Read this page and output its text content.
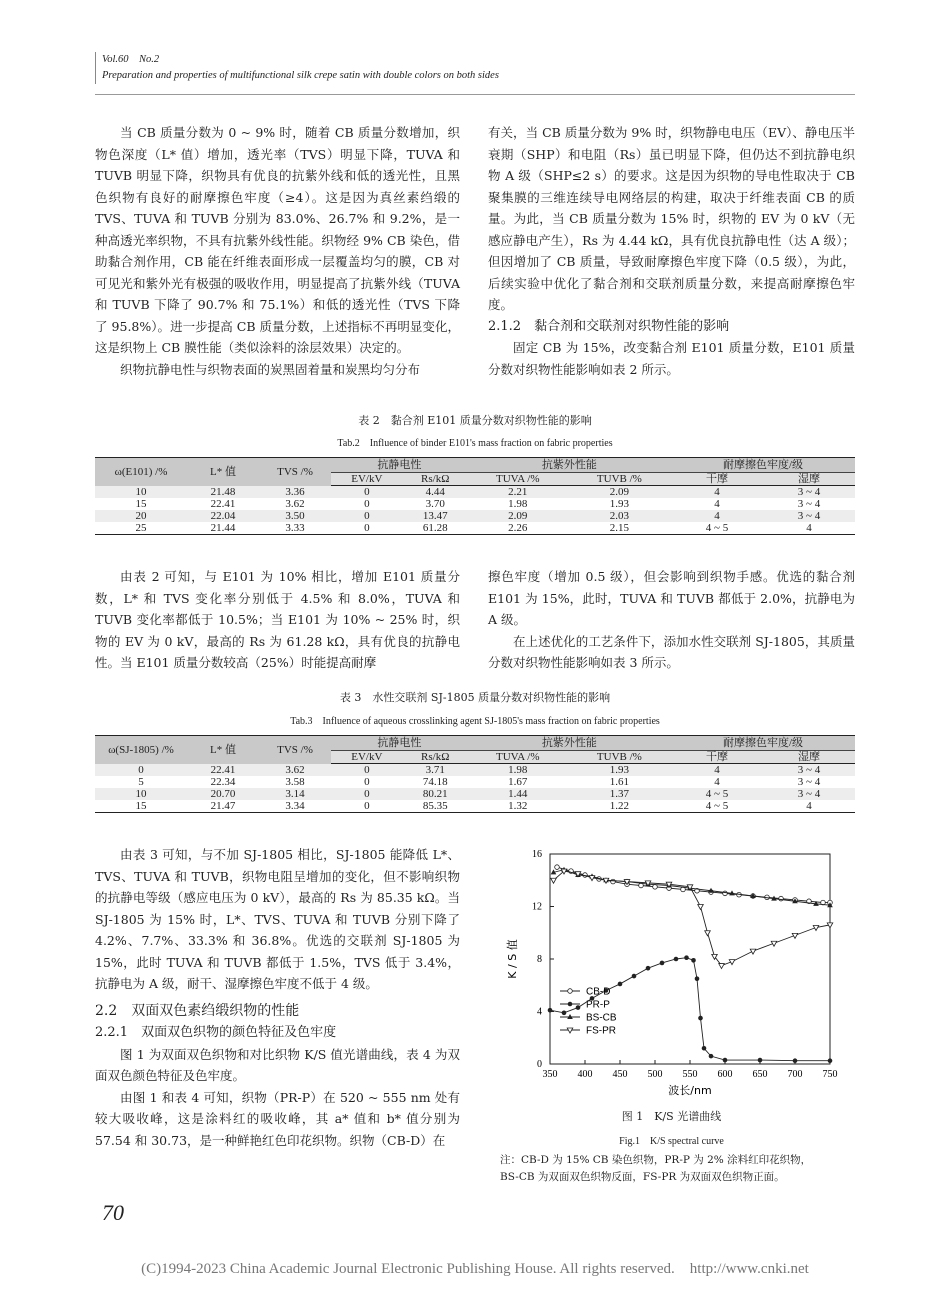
Vol.60　No.2
Preparation and properties of multifunctional silk crepe satin with double colors on both sides

当 CB 质量分数为 0 ~ 9% 时，随着 CB 质量分数增加，织物色深度（L* 值）增加，透光率（TVS）明显下降，TUVA 和 TUVB 明显下降，织物具有优良的抗紫外线和低的透光性，且黑色织物有良好的耐摩擦色牢度（≥4）。这是因为真丝素绉缎的 TVS、TUVA 和 TUVB 分别为 83.0%、26.7% 和 9.2%，是一种高透光率织物，不具有抗紫外线性能。织物经 9% CB 染色，借助黏合剂作用，CB 能在纤维表面形成一层覆盖均匀的膜，CB 对可见光和紫外光有极强的吸收作用，明显提高了抗紫外线（TUVA 和 TUVB 下降了 90.7% 和 75.1%）和低的透光性（TVS 下降了 95.8%）。进一步提高 CB 质量分数，上述指标不再明显变化，这是织物上 CB 膜性能（类似涂料的涂层效果）决定的。

织物抗静电性与织物表面的炭黑固着量和炭黑均匀分布

有关，当 CB 质量分数为 9% 时，织物静电电压（EV）、静电压半衰期（SHP）和电阻（Rs）虽已明显下降，但仍达不到抗静电织物 A 级（SHP≤2 s）的要求。这是因为织物的导电性取决于 CB 聚集膜的三维连续导电网络层的构建，取决于纤维表面 CB 的质量。为此，当 CB 质量分数为 15% 时，织物的 EV 为 0 kV（无感应静电产生），Rs 为 4.44 kΩ，具有优良抗静电性（达 A 级）；但因增加了 CB 质量，导致耐摩擦色牢度下降（0.5 级），为此，后续实验中优化了黏合剂和交联剂质量分数，来提高耐摩擦色牢度。

2.1.2　黏合剂和交联剂对织物性能的影响

固定 CB 为 15%，改变黏合剂 E101 质量分数，E101 质量分数对织物性能影响如表 2 所示。

表 2　黏合剂 E101 质量分数对织物性能的影响
Tab.2　Influence of binder E101's mass fraction on fabric properties
ω(E101) /%	L* 值	TVS /%	抗静电性		抗紫外性能		耐摩擦色牢度/级	
			EV/kV	Rs/kΩ	TUVA /%	TUVB /%	干摩	湿摩
10	21.48	3.36	0	4.44	2.21	2.09	4	3 ~ 4
15	22.41	3.62	0	3.70	1.98	1.93	4	3 ~ 4
20	22.04	3.50	0	13.47	2.09	2.03	4	3 ~ 4
25	21.44	3.33	0	61.28	2.26	2.15	4 ~ 5	4

由表 2 可知，与 E101 为 10% 相比，增加 E101 质量分数，L* 和 TVS 变化率分别低于 4.5% 和 8.0%，TUVA 和 TUVB 变化率都低于 10.5%；当 E101 为 10% ~ 25% 时，织物的 EV 为 0 kV，最高的 Rs 为 61.28 kΩ，具有优良的抗静电性。当 E101 质量分数较高（25%）时能提高耐摩

擦色牢度（增加 0.5 级），但会影响到织物手感。优选的黏合剂 E101 为 15%，此时，TUVA 和 TUVB 都低于 2.0%，抗静电为 A 级。

在上述优化的工艺条件下，添加水性交联剂 SJ-1805，其质量分数对织物性能影响如表 3 所示。

表 3　水性交联剂 SJ-1805 质量分数对织物性能的影响
Tab.3　Influence of aqueous crosslinking agent SJ-1805's mass fraction on fabric properties
ω(SJ-1805) /%	L* 值	TVS /%	抗静电性		抗紫外性能		耐摩擦色牢度/级	
			EV/kV	Rs/kΩ	TUVA /%	TUVB /%	干摩	湿摩
0	22.41	3.62	0	3.71	1.98	1.93	4	3 ~ 4
5	22.34	3.58	0	74.18	1.67	1.61	4	3 ~ 4
10	20.70	3.14	0	80.21	1.44	1.37	4 ~ 5	3 ~ 4
15	21.47	3.34	0	85.35	1.32	1.22	4 ~ 5	4

由表 3 可知，与不加 SJ-1805 相比，SJ-1805 能降低 L*、TVS、TUVA 和 TUVB，织物电阻呈增加的变化，但不影响织物的抗静电等级（感应电压为 0 kV），最高的 Rs 为 85.35 kΩ。当 SJ-1805 为 15% 时，L*、TVS、TUVA 和 TUVB 分别下降了 4.2%、7.7%、33.3% 和 36.8%。优选的交联剂 SJ-1805 为 15%，此时 TUVA 和 TUVB 都低于 1.5%，TVS 低于 3.4%，抗静电为 A 级，耐干、湿摩擦色牢度不低于 4 级。

2.2　双面双色素绉缎织物的性能

2.2.1　双面双色织物的颜色特征及色牢度

图 1 为双面双色织物和对比织物 K/S 值光谱曲线，表 4 为双面双色颜色特征及色牢度。

由图 1 和表 4 可知，织物（PR-P）在 520 ~ 555 nm 处有较大吸收峰，这是涂料红的吸收峰，其 a* 值和 b* 值分别为 57.54 和 30.73，是一种鲜艳红色印花织物。织物（CB-D）在

350 400 450 500 550 600 650 700 750
0
4
8
12
16
波长/nm
K / S 值
CB-D
PR-P
BS-CB
FS-PR
图 1　K/S 光谱曲线
Fig.1　K/S spectral curve
注：CB-D 为 15% CB 染色织物，PR-P 为 2% 涂料红印花织物，
BS-CB 为双面双色织物反面，FS-PR 为双面双色织物正面。
70
(C)1994-2023 China Academic Journal Electronic Publishing House. All rights reserved.　http://www.cnki.net
